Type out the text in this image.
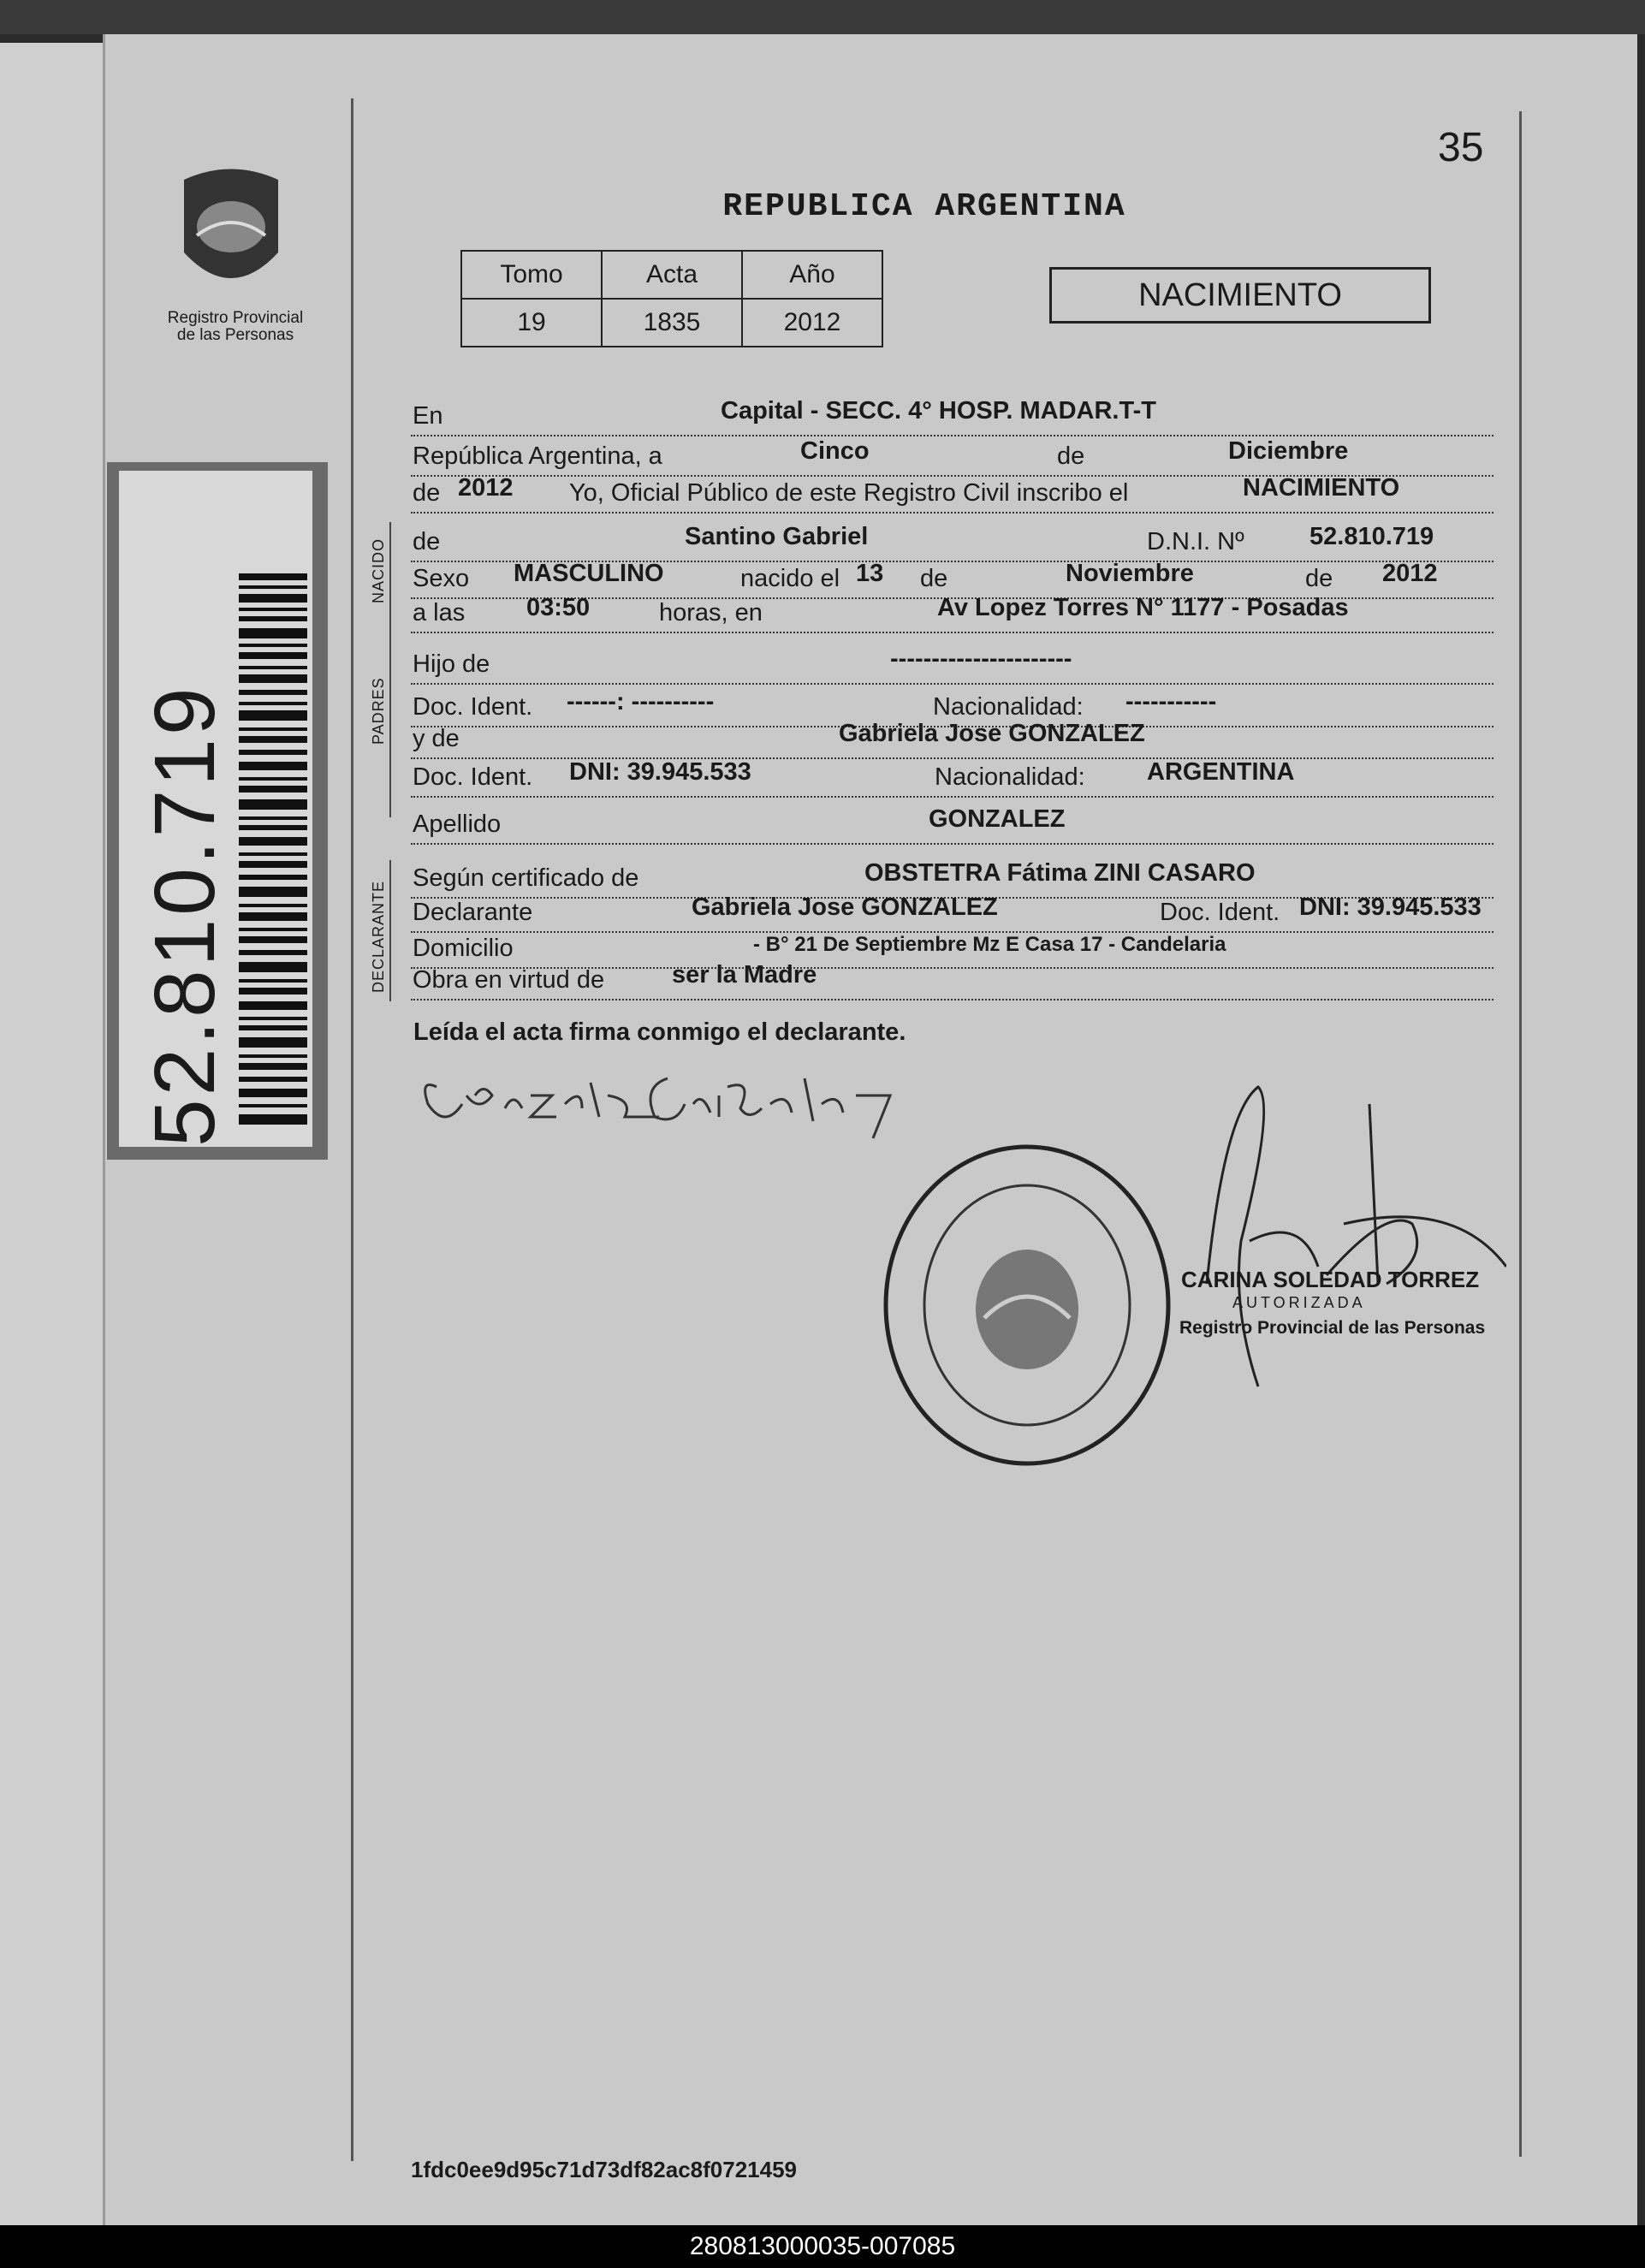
35
Registro Provincial
de las Personas
REPUBLICA ARGENTINA
Tomo	Acta	Año
19	1835	2012
NACIMIENTO
52.810.719
NACIDO
PADRES
DECLARANTE
En	Capital - SECC. 4° HOSP. MADAR.T-T
República Argentina, a	Cinco	de	Diciembre
de 2012 Yo, Oficial Público de este Registro Civil inscribo el	NACIMIENTO
de	Santino Gabriel	D.N.I. Nº	52.810.719
Sexo MASCULINO	nacido el 13 de	Noviembre	de 2012
a las 03:50	horas, en	Av Lopez Torres N° 1177 - Posadas
Hijo de	----------------------
Doc. Ident. ------: ----------	Nacionalidad: -----------
y de	Gabriela Jose GONZALEZ
Doc. Ident. DNI: 39.945.533	Nacionalidad: ARGENTINA
Apellido	GONZALEZ
Según certificado de	OBSTETRA Fátima ZINI CASARO
Declarante	Gabriela Jose GONZALEZ	Doc. Ident. DNI: 39.945.533
Domicilio	- B° 21 De Septiembre Mz E Casa 17 - Candelaria
Obra en virtud de	ser la Madre
Leída el acta firma conmigo el declarante.
CARINA SOLEDAD TORREZ
AUTORIZADA
Registro Provincial de las Personas
1fdc0ee9d95c71d73df82ac8f0721459
280813000035-007085
